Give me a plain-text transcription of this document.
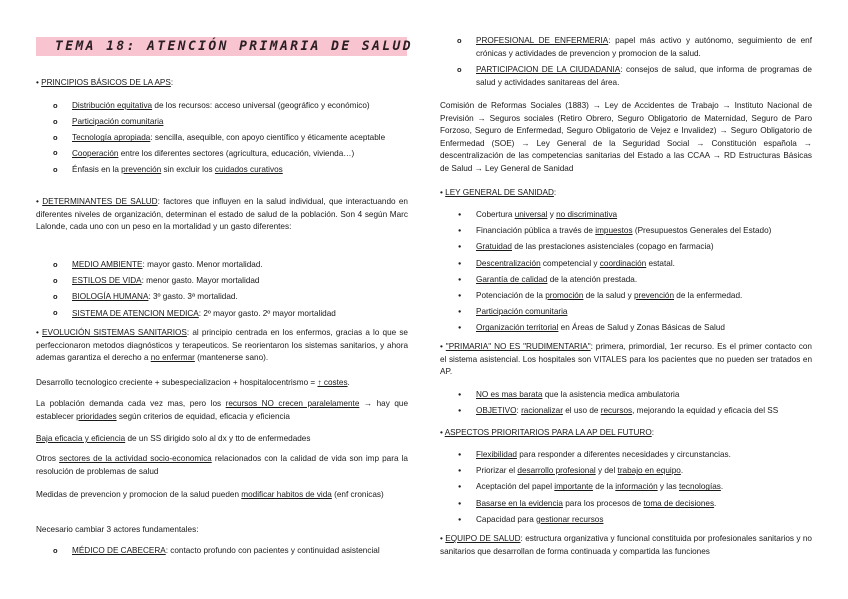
TEMA 18: ATENCIÓN PRIMARIA DE SALUD

• PRINCIPIOS BÁSICOS DE LA APS:

o Distribución equitativa de los recursos: acceso universal (geográfico y económico)
o Participación comunitaria
o Tecnología apropiada: sencilla, asequible, con apoyo científico y éticamente aceptable
o Cooperación entre los diferentes sectores (agricultura, educación, vivienda…)
o Énfasis en la prevención sin excluir los cuidados curativos

• DETERMINANTES DE SALUD: factores que influyen en la salud individual, que interactuando en diferentes niveles de organización, determinan el estado de salud de la población. Son 4 según Marc Lalonde, cada uno con un peso en la mortalidad y un gasto diferentes:

o MEDIO AMBIENTE: mayor gasto. Menor mortalidad.
o ESTILOS DE VIDA: menor gasto. Mayor mortalidad
o BIOLOGÍA HUMANA: 3º gasto. 3ª mortalidad.
o SISTEMA DE ATENCION MEDICA: 2º mayor gasto. 2º mayor mortalidad

• EVOLUCIÓN SISTEMAS SANITARIOS: al principio centrada en los enfermos, gracias a lo que se perfeccionaron metodos diagnósticos y terapeuticos. Se reorientaron los sistemas sanitarios, y ahora ademas garantiza el derecho a no enfermar (mantenerse sano).

Desarrollo tecnologico creciente + subespecializacion + hospitalocentrismo = ↑ costes.

La población demanda cada vez mas, pero los recursos NO crecen paralelamente → hay que establecer prioridades según criterios de equidad, eficacia y eficiencia

Baja eficacia y eficiencia de un SS dirigido solo al dx y tto de enfermedades

Otros sectores de la actividad socio-economica relacionados con la calidad de vida son imp para la resolución de problemas de salud

Medidas de prevencion y promocion de la salud pueden modificar habitos de vida (enf cronicas)

Necesario cambiar 3 actores fundamentales:

o MÉDICO DE CABECERA: contacto profundo con pacientes y continuidad asistencial
o PROFESIONAL DE ENFERMERIA: papel más activo y autónomo, seguimiento de enf crónicas y actividades de prevencion y promocion de la salud.
o PARTICIPACION DE LA CIUDADANIA: consejos de salud, que informa de programas de salud y actividades sanitareas del área.

Comisión de Reformas Sociales (1883) → Ley de Accidentes de Trabajo → Instituto Nacional de Previsión → Seguros sociales (Retiro Obrero, Seguro Obligatorio de Maternidad, Seguro de Paro Forzoso, Seguro de Enfermedad, Seguro Obligatorio de Vejez e Invalidez) → Seguro Obligatorio de Enfermedad (SOE) → Ley General de la Seguridad Social → Constitución española → descentralización de las competencias sanitarias del Estado a las CCAA → RD Estructuras Básicas de Salud → Ley General de Sanidad

• LEY GENERAL DE SANIDAD:

● Cobertura universal y no discriminativa
● Financiación pública a través de impuestos (Presupuestos Generales del Estado)
● Gratuidad de las prestaciones asistenciales (copago en farmacia)
● Descentralización competencial y coordinación estatal.
● Garantía de calidad de la atención prestada.
● Potenciación de la promoción de la salud y prevención de la enfermedad.
● Participación comunitaria
● Organización territorial en Áreas de Salud y Zonas Básicas de Salud

• "PRIMARIA" NO ES "RUDIMENTARIA": primera, primordial, 1er recurso. Es el primer contacto con el sistema asistencial. Los hospitales son VITALES para los pacientes que no pueden ser tratados en AP.

● NO es mas barata que la asistencia medica ambulatoria
● OBJETIVO: racionalizar el uso de recursos, mejorando la equidad y eficacia del SS

• ASPECTOS PRIORITARIOS PARA LA AP DEL FUTURO:

● Flexibilidad para responder a diferentes necesidades y circunstancias.
● Priorizar el desarrollo profesional y del trabajo en equipo.
● Aceptación del papel importante de la información y las tecnologías.
● Basarse en la evidencia para los procesos de toma de decisiones.
● Capacidad para gestionar recursos

• EQUIPO DE SALUD: estructura organizativa y funcional constituida por profesionales sanitarios y no sanitarios que desarrollan de forma continuada y compartida las funciones
